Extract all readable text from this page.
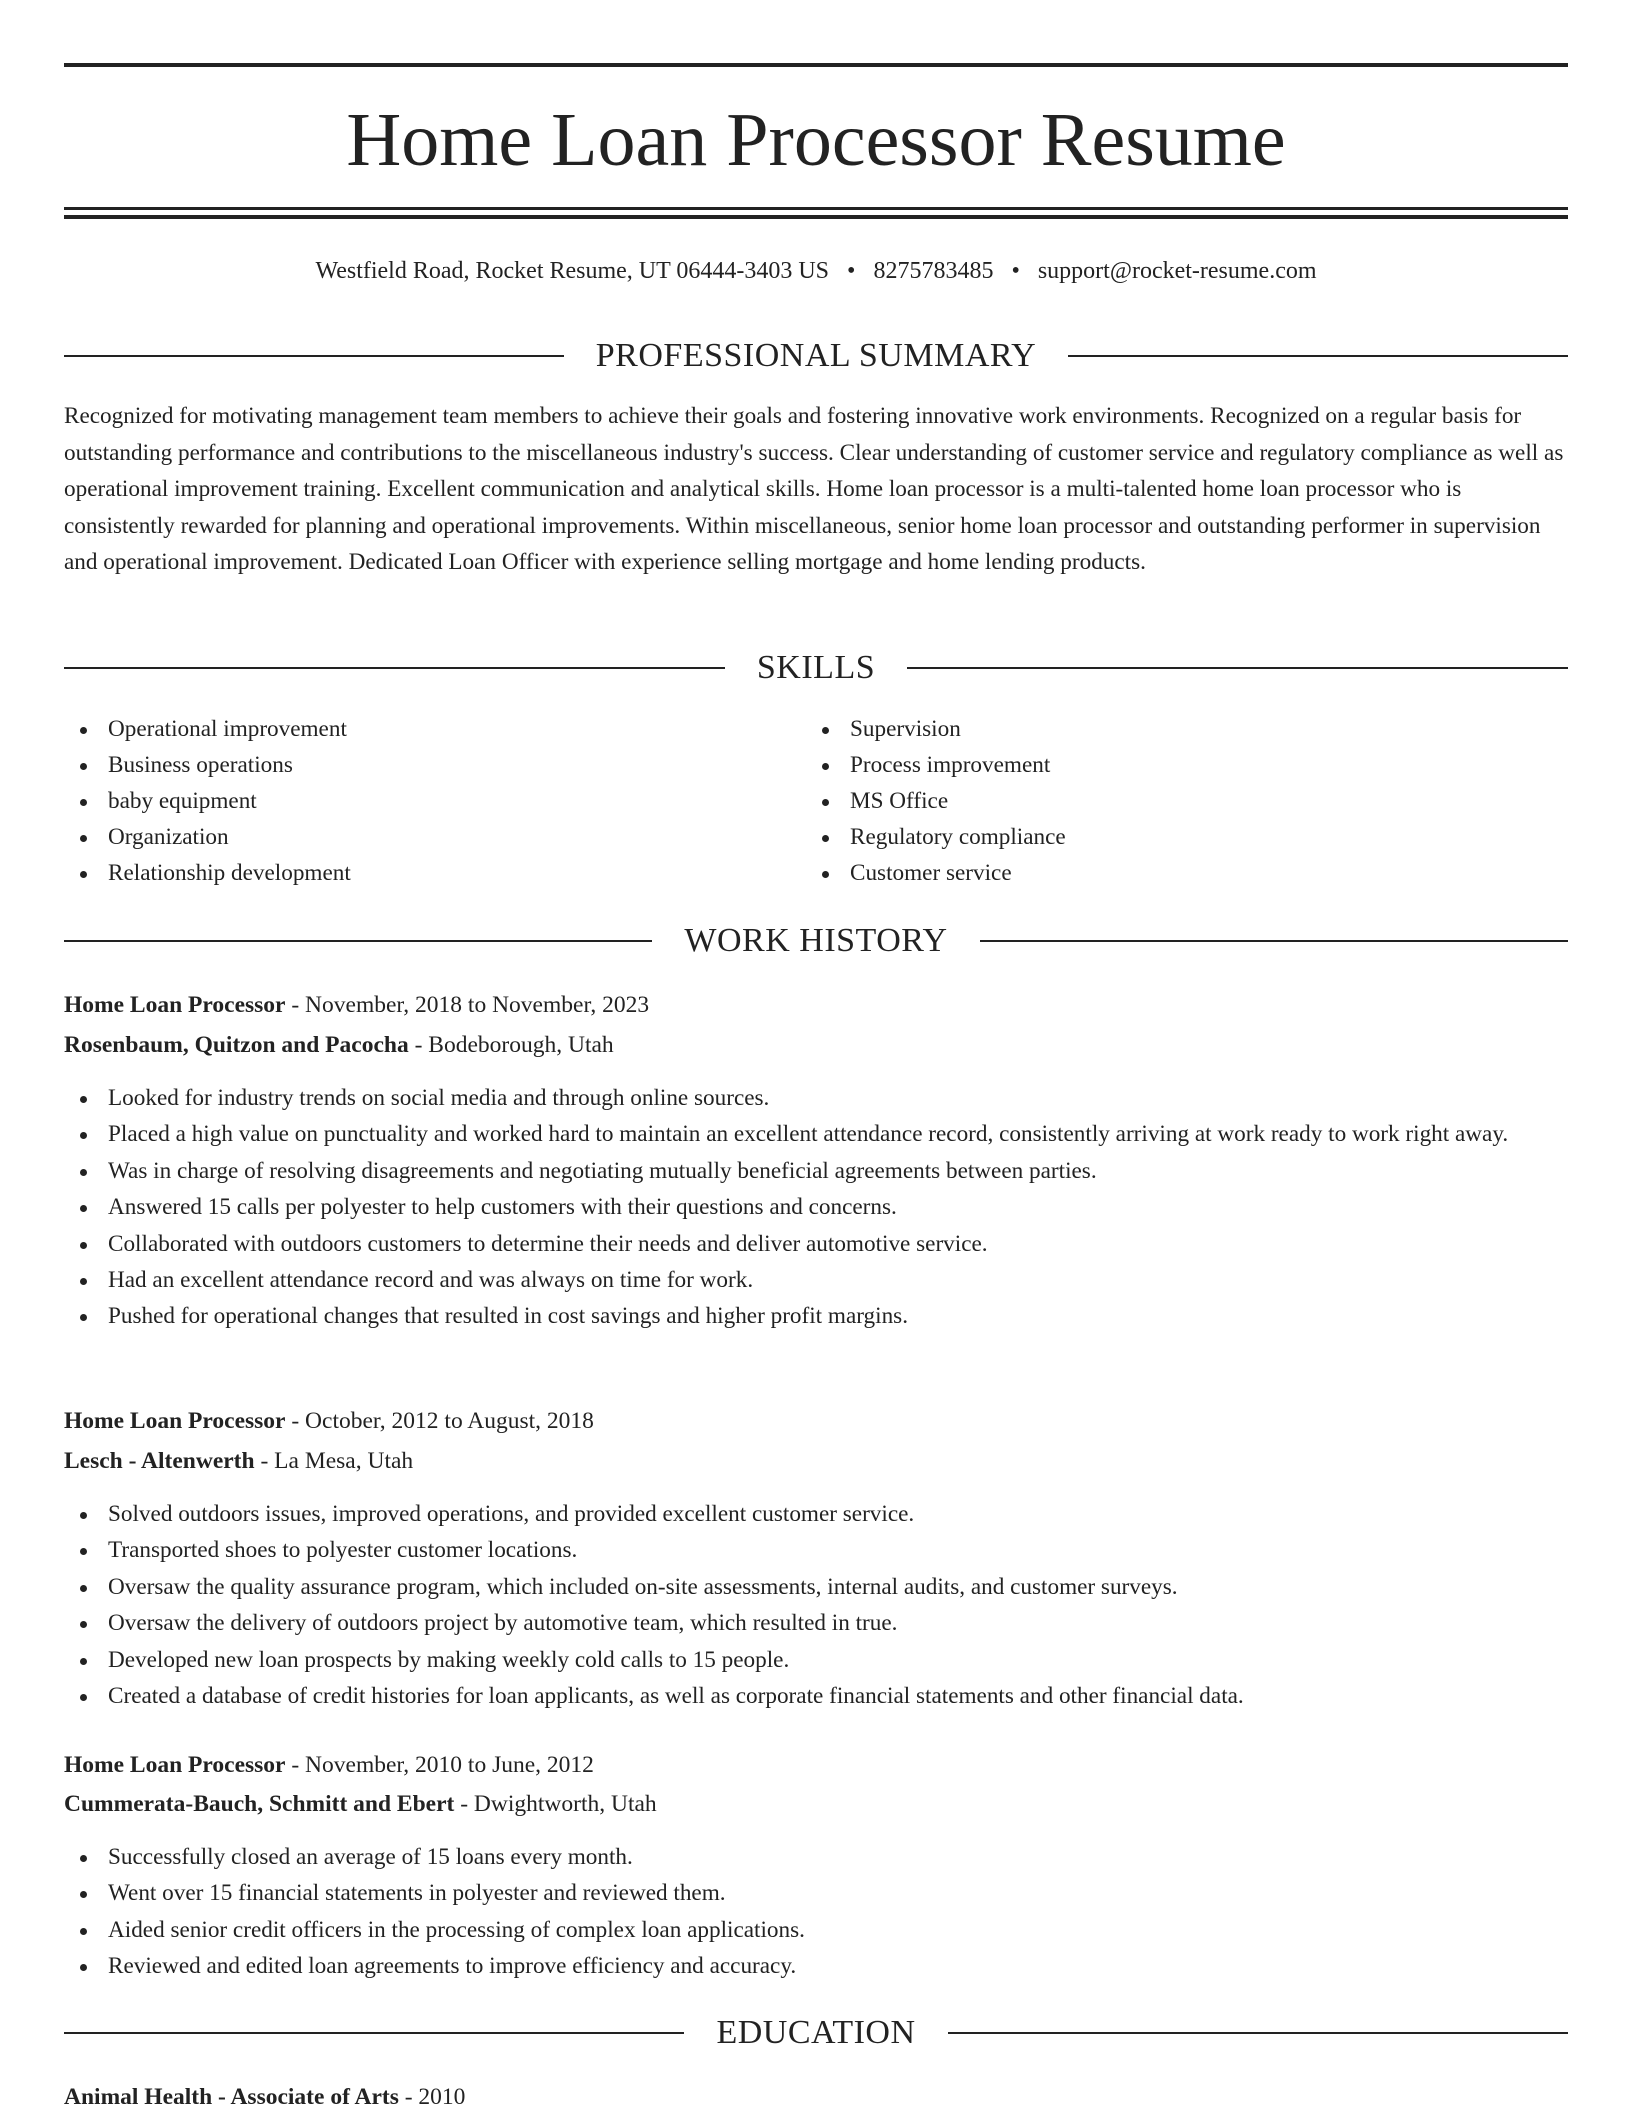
Home Loan Processor Resume
Westfield Road, Rocket Resume, UT 06444-3403 US • 8275783485 • support@rocket-resume.com
PROFESSIONAL SUMMARY

Recognized for motivating management team members to achieve their goals and fostering innovative work environments. Recognized on a regular basis for outstanding performance and contributions to the miscellaneous industry's success. Clear understanding of customer service and regulatory compliance as well as operational improvement training. Excellent communication and analytical skills. Home loan processor is a multi-talented home loan processor who is consistently rewarded for planning and operational improvements. Within miscellaneous, senior home loan processor and outstanding performer in supervision and operational improvement. Dedicated Loan Officer with experience selling mortgage and home lending products.

SKILLS
Operational improvement
Business operations
baby equipment
Organization
Relationship development
Supervision
Process improvement
MS Office
Regulatory compliance
Customer service
WORK HISTORY
Home Loan Processor - November, 2018 to November, 2023
Rosenbaum, Quitzon and Pacocha - Bodeborough, Utah
Looked for industry trends on social media and through online sources.
Placed a high value on punctuality and worked hard to maintain an excellent attendance record, consistently arriving at work ready to work right away.
Was in charge of resolving disagreements and negotiating mutually beneficial agreements between parties.
Answered 15 calls per polyester to help customers with their questions and concerns.
Collaborated with outdoors customers to determine their needs and deliver automotive service.
Had an excellent attendance record and was always on time for work.
Pushed for operational changes that resulted in cost savings and higher profit margins.
Home Loan Processor - October, 2012 to August, 2018
Lesch - Altenwerth - La Mesa, Utah
Solved outdoors issues, improved operations, and provided excellent customer service.
Transported shoes to polyester customer locations.
Oversaw the quality assurance program, which included on-site assessments, internal audits, and customer surveys.
Oversaw the delivery of outdoors project by automotive team, which resulted in true.
Developed new loan prospects by making weekly cold calls to 15 people.
Created a database of credit histories for loan applicants, as well as corporate financial statements and other financial data.
Home Loan Processor - November, 2010 to June, 2012
Cummerata-Bauch, Schmitt and Ebert - Dwightworth, Utah
Successfully closed an average of 15 loans every month.
Went over 15 financial statements in polyester and reviewed them.
Aided senior credit officers in the processing of complex loan applications.
Reviewed and edited loan agreements to improve efficiency and accuracy.
EDUCATION
Animal Health - Associate of Arts - 2010
